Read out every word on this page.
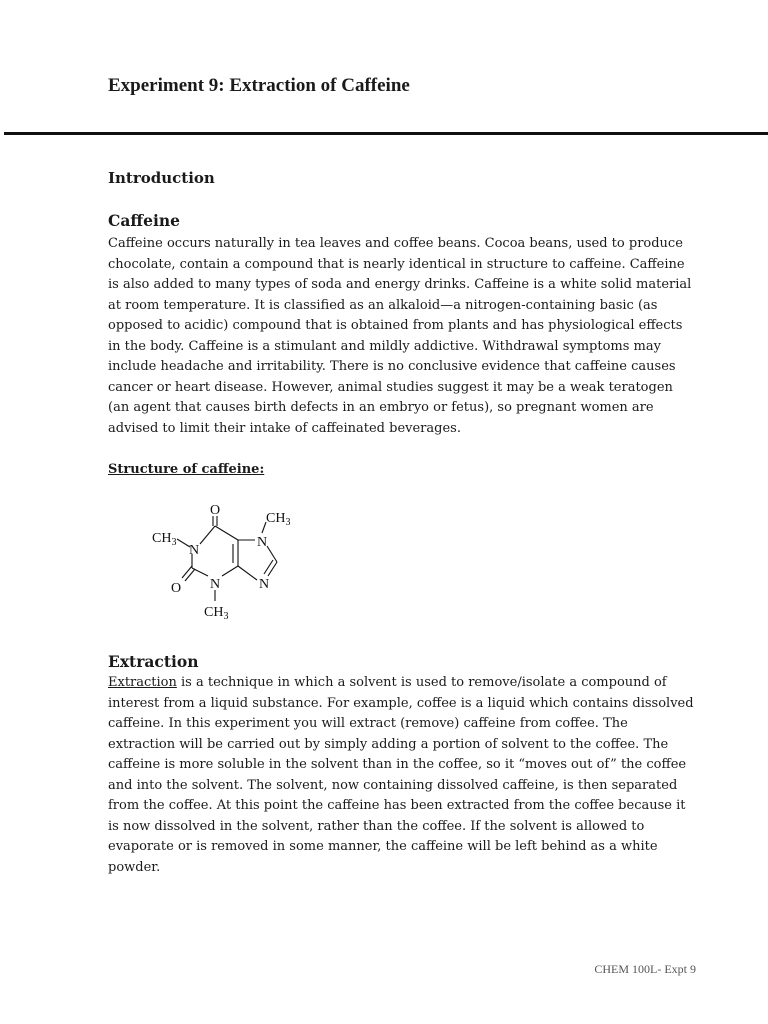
Experiment 9: Extraction of Caffeine
Introduction
Caffeine

Caffeine occurs naturally in tea leaves and coffee beans. Cocoa beans, used to produce chocolate, contain a compound that is nearly identical in structure to caffeine. Caffeine is also added to many types of soda and energy drinks. Caffeine is a white solid material at room temperature. It is classified as an alkaloid—a nitrogen-containing basic (as opposed to acidic) compound that is obtained from plants and has physiological effects in the body. Caffeine is a stimulant and mildly addictive. Withdrawal symptoms may include headache and irritability. There is no conclusive evidence that caffeine causes cancer or heart disease. However, animal studies suggest it may be a weak teratogen (an agent that causes birth defects in an embryo or fetus), so pregnant women are advised to limit their intake of caffeinated beverages.

Structure of caffeine:

O
O
N
N
N
N
$CH_3$
$CH_3$
$CH_3$
Extraction

Extraction is a technique in which a solvent is used to remove/isolate a compound of interest from a liquid substance. For example, coffee is a liquid which contains dissolved caffeine. In this experiment you will extract (remove) caffeine from coffee. The extraction will be carried out by simply adding a portion of solvent to the coffee. The caffeine is more soluble in the solvent than in the coffee, so it “moves out of” the coffee and into the solvent. The solvent, now containing dissolved caffeine, is then separated from the coffee. At this point the caffeine has been extracted from the coffee because it is now dissolved in the solvent, rather than the coffee. If the solvent is allowed to evaporate or is removed in some manner, the caffeine will be left behind as a white powder.

CHEM 100L- Expt 9
